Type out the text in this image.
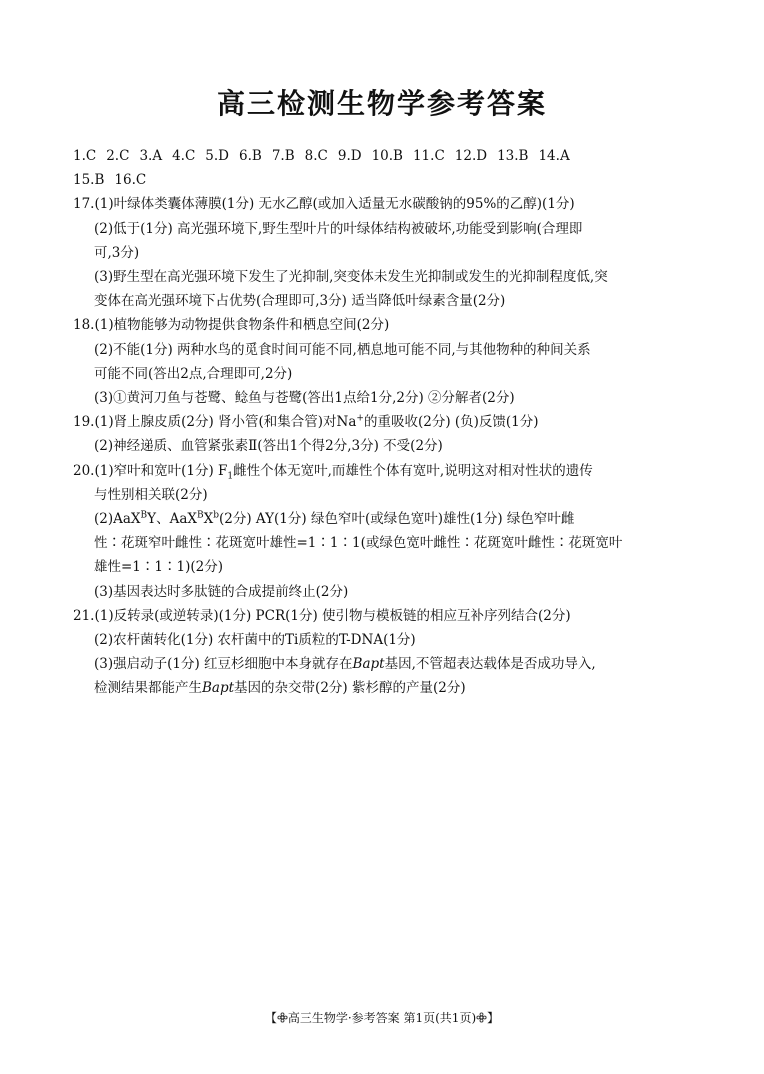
高三检测生物学参考答案
1.C 2.C 3.A 4.C 5.D 6.B 7.B 8.C 9.D 10.B 11.C 12.D 13.B 14.A
15.B 16.C
17.(1)叶绿体类囊体薄膜(1分) 无水乙醇(或加入适量无水碳酸钠的95%的乙醇)(1分)
(2)低于(1分) 高光强环境下,野生型叶片的叶绿体结构被破坏,功能受到影响(合理即
可,3分)
(3)野生型在高光强环境下发生了光抑制,突变体未发生光抑制或发生的光抑制程度低,突
变体在高光强环境下占优势(合理即可,3分) 适当降低叶绿素含量(2分)
18.(1)植物能够为动物提供食物条件和栖息空间(2分)
(2)不能(1分) 两种水鸟的觅食时间可能不同,栖息地可能不同,与其他物种的种间关系
可能不同(答出2点,合理即可,2分)
(3)①黄河刀鱼与苍鹭、鲶鱼与苍鹭(答出1点给1分,2分) ②分解者(2分)
19.(1)肾上腺皮质(2分) 肾小管(和集合管)对Na+的重吸收(2分) (负)反馈(1分)
(2)神经递质、血管紧张素Ⅱ(答出1个得2分,3分) 不受(2分)
20.(1)窄叶和宽叶(1分) $F_1$雌性个体无宽叶,而雄性个体有宽叶,说明这对相对性状的遗传
与性别相关联(2分)
(2)AaX$^B$Y、$AaX^BX^b(2$分) AY(1分) 绿色窄叶(或绿色宽叶)雄性(1分) 绿色窄叶雌
性∶花斑窄叶雌性∶花斑宽叶雄性=1∶1∶1(或绿色宽叶雌性∶花斑宽叶雌性∶花斑宽叶
雄性=1∶1∶1)(2分)
(3)基因表达时多肽链的合成提前终止(2分)
21.(1)反转录(或逆转录)(1分) PCR(1分) 使引物与模板链的相应互补序列结合(2分)
(2)农杆菌转化(1分) 农杆菌中的Ti质粒的T-DNA(1分)
(3)强启动子(1分) 红豆杉细胞中本身就存在Bapt基因,不管超表达载体是否成功导入,
检测结果都能产生Bapt基因的杂交带(2分) 紫杉醇的产量(2分)
【 高三生物学·参考答案 第1页(共1页) 】
